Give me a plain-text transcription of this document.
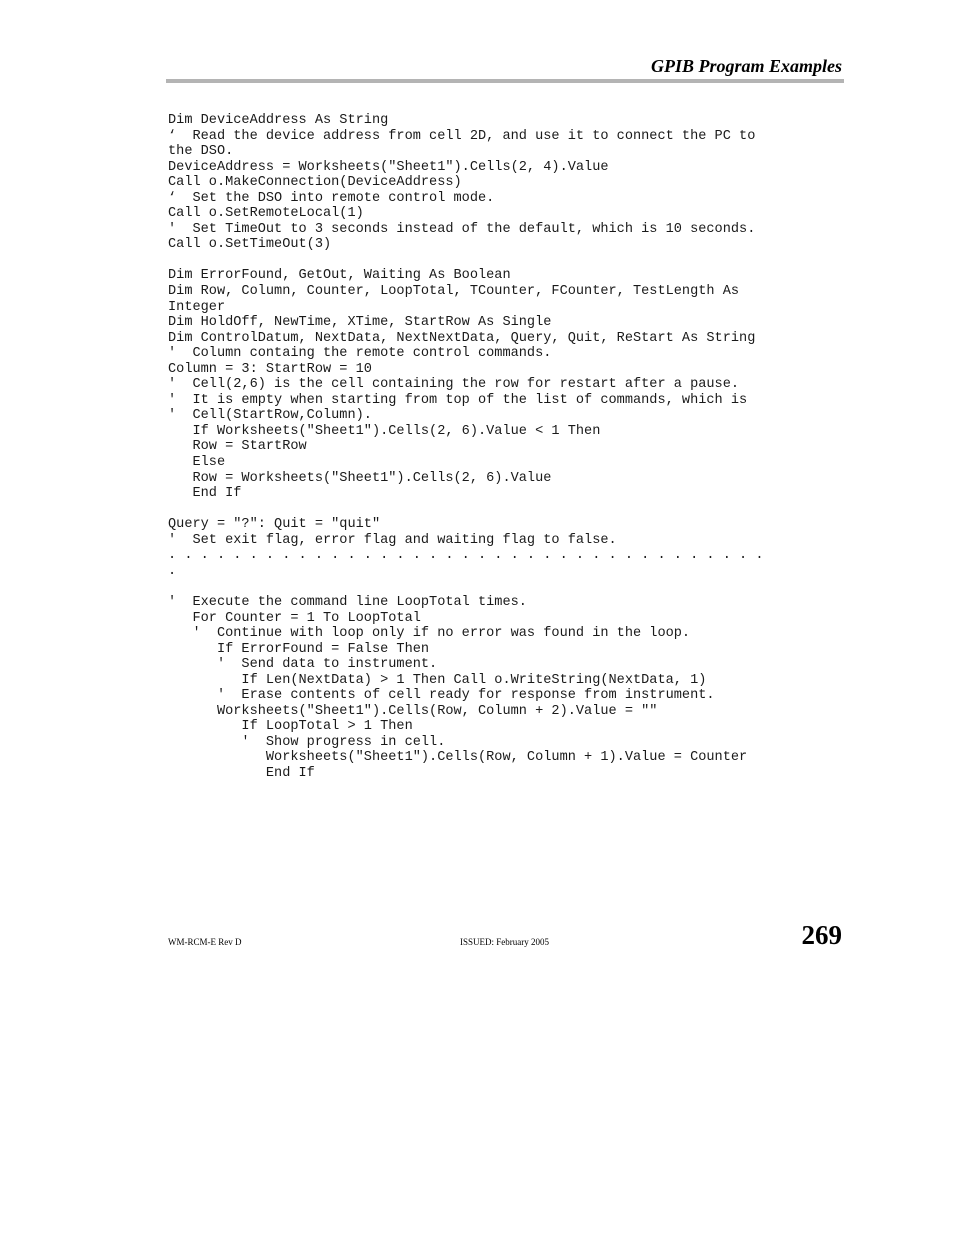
GPIB Program Examples
Dim DeviceAddress As String
‘  Read the device address from cell 2D, and use it to connect the PC to
the DSO.
DeviceAddress = Worksheets("Sheet1").Cells(2, 4).Value
Call o.MakeConnection(DeviceAddress)
‘  Set the DSO into remote control mode.
Call o.SetRemoteLocal(1)
'  Set TimeOut to 3 seconds instead of the default, which is 10 seconds.
Call o.SetTimeOut(3)
Dim ErrorFound, GetOut, Waiting As Boolean
Dim Row, Column, Counter, LoopTotal, TCounter, FCounter, TestLength As
Integer
Dim HoldOff, NewTime, XTime, StartRow As Single
Dim ControlDatum, NextData, NextNextData, Query, Quit, ReStart As String
'  Column containg the remote control commands.
Column = 3: StartRow = 10
'  Cell(2,6) is the cell containing the row for restart after a pause.
'  It is empty when starting from top of the list of commands, which is
'  Cell(StartRow,Column).
If Worksheets("Sheet1").Cells(2, 6).Value < 1 Then
Row = StartRow
Else
Row = Worksheets("Sheet1").Cells(2, 6).Value
End If
Query = "?": Quit = "quit"
'  Set exit flag, error flag and waiting flag to false.
. . . . . . . . . . . . . . . . . . . . . . . . . . . . . . . . . . . . .
.
'  Execute the command line LoopTotal times.
For Counter = 1 To LoopTotal
'  Continue with loop only if no error was found in the loop.
If ErrorFound = False Then
'  Send data to instrument.
If Len(NextData) > 1 Then Call o.WriteString(NextData, 1)
'  Erase contents of cell ready for response from instrument.
Worksheets("Sheet1").Cells(Row, Column + 2).Value = ""
If LoopTotal > 1 Then
'  Show progress in cell.
Worksheets("Sheet1").Cells(Row, Column + 1).Value = Counter
End If
WM-RCM-E Rev D	ISSUED: February 2005	269
